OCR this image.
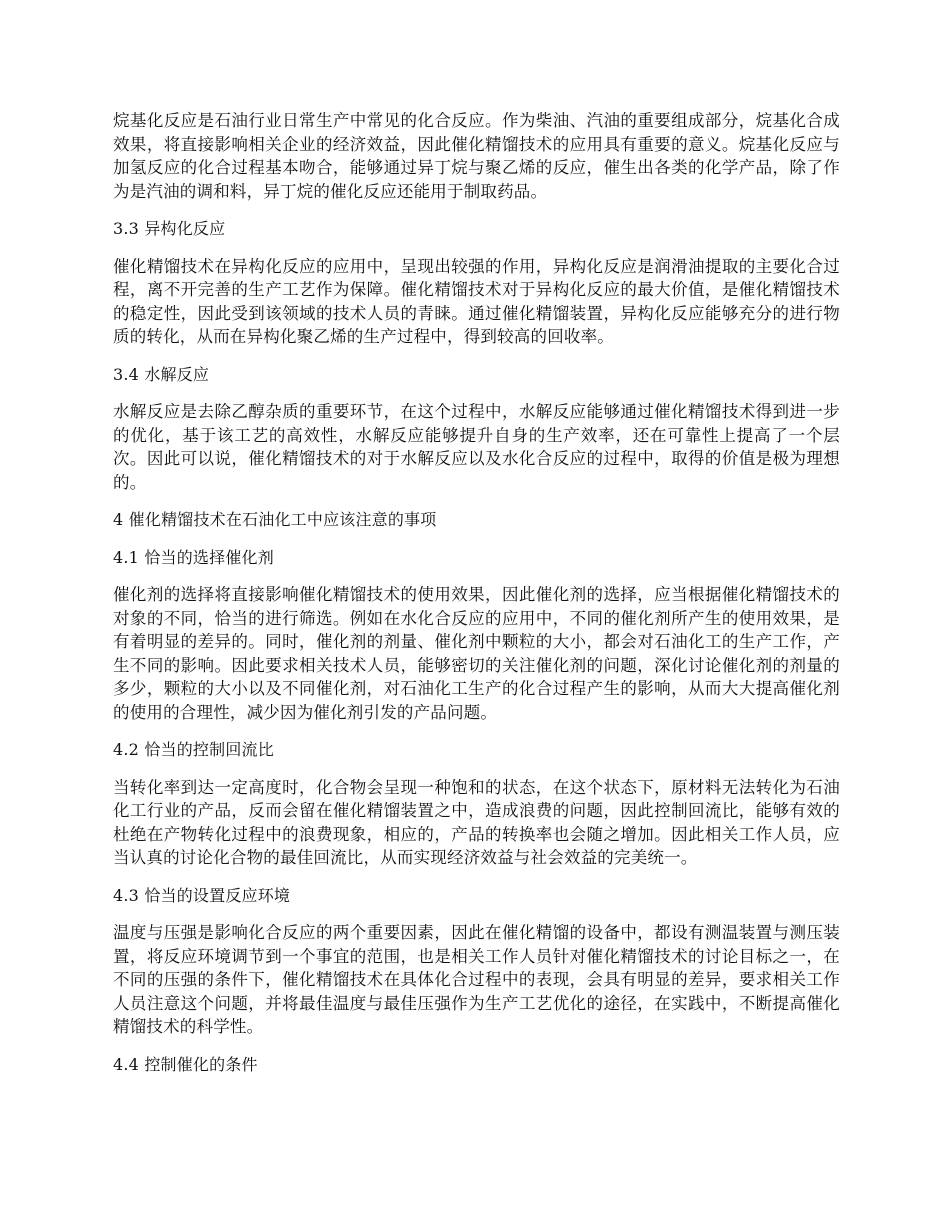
烷基化反应是石油行业日常生产中常见的化合反应。作为柴油、汽油的重要组成部分，烷基化合成效果，将直接影响相关企业的经济效益，因此催化精馏技术的应用具有重要的意义。烷基化反应与加氢反应的化合过程基本吻合，能够通过异丁烷与聚乙烯的反应，催生出各类的化学产品，除了作为是汽油的调和料，异丁烷的催化反应还能用于制取药品。

3.3 异构化反应

催化精馏技术在异构化反应的应用中，呈现出较强的作用，异构化反应是润滑油提取的主要化合过程，离不开完善的生产工艺作为保障。催化精馏技术对于异构化反应的最大价值，是催化精馏技术的稳定性，因此受到该领域的技术人员的青睐。通过催化精馏装置，异构化反应能够充分的进行物质的转化，从而在异构化聚乙烯的生产过程中，得到较高的回收率。

3.4 水解反应

水解反应是去除乙醇杂质的重要环节，在这个过程中，水解反应能够通过催化精馏技术得到进一步的优化，基于该工艺的高效性，水解反应能够提升自身的生产效率，还在可靠性上提高了一个层次。因此可以说，催化精馏技术的对于水解反应以及水化合反应的过程中，取得的价值是极为理想的。

4 催化精馏技术在石油化工中应该注意的事项
4.1 恰当的选择催化剂

催化剂的选择将直接影响催化精馏技术的使用效果，因此催化剂的选择，应当根据催化精馏技术的对象的不同，恰当的进行筛选。例如在水化合反应的应用中，不同的催化剂所产生的使用效果，是有着明显的差异的。同时，催化剂的剂量、催化剂中颗粒的大小，都会对石油化工的生产工作，产生不同的影响。因此要求相关技术人员，能够密切的关注催化剂的问题，深化讨论催化剂的剂量的多少，颗粒的大小以及不同催化剂，对石油化工生产的化合过程产生的影响，从而大大提高催化剂的使用的合理性，减少因为催化剂引发的产品问题。

4.2 恰当的控制回流比

当转化率到达一定高度时，化合物会呈现一种饱和的状态，在这个状态下，原材料无法转化为石油化工行业的产品，反而会留在催化精馏装置之中，造成浪费的问题，因此控制回流比，能够有效的杜绝在产物转化过程中的浪费现象，相应的，产品的转换率也会随之增加。因此相关工作人员，应当认真的讨论化合物的最佳回流比，从而实现经济效益与社会效益的完美统一。

4.3 恰当的设置反应环境

温度与压强是影响化合反应的两个重要因素，因此在催化精馏的设备中，都设有测温装置与测压装置，将反应环境调节到一个事宜的范围，也是相关工作人员针对催化精馏技术的讨论目标之一，在不同的压强的条件下，催化精馏技术在具体化合过程中的表现，会具有明显的差异，要求相关工作人员注意这个问题，并将最佳温度与最佳压强作为生产工艺优化的途径，在实践中，不断提高催化精馏技术的科学性。

4.4 控制催化的条件
